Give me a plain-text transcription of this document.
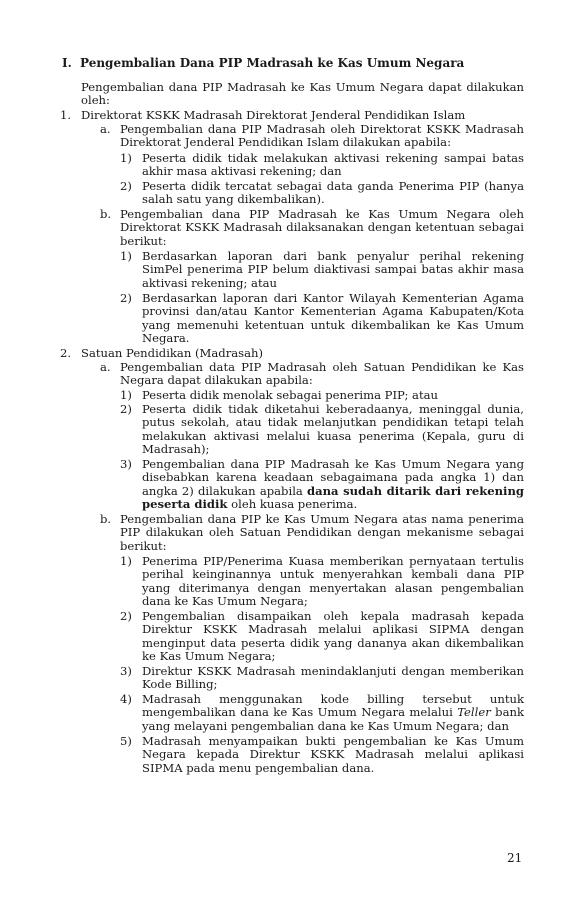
I. Pengembalian Dana PIP Madrasah ke Kas Umum Negara
Pengembalian dana PIP Madrasah ke Kas Umum Negara dapat dilakukan oleh:
1. Direktorat KSKK Madrasah Direktorat Jenderal Pendidikan Islam
a. Pengembalian dana PIP Madrasah oleh Direktorat KSKK Madrasah Direktorat Jenderal Pendidikan Islam dilakukan apabila:
1) Peserta didik tidak melakukan aktivasi rekening sampai batas akhir masa aktivasi rekening; dan
2) Peserta didik tercatat sebagai data ganda Penerima PIP (hanya salah satu yang dikembalikan).
b. Pengembalian dana PIP Madrasah ke Kas Umum Negara oleh Direktorat KSKK Madrasah dilaksanakan dengan ketentuan sebagai berikut:
1) Berdasarkan laporan dari bank penyalur perihal rekening SimPel penerima PIP belum diaktivasi sampai batas akhir masa aktivasi rekening; atau
2) Berdasarkan laporan dari Kantor Wilayah Kementerian Agama provinsi dan/atau Kantor Kementerian Agama Kabupaten/Kota yang memenuhi ketentuan untuk dikembalikan ke Kas Umum Negara.
2. Satuan Pendidikan (Madrasah)
a. Pengembalian data PIP Madrasah oleh Satuan Pendidikan ke Kas Negara dapat dilakukan apabila:
1) Peserta didik menolak sebagai penerima PIP; atau
2) Peserta didik tidak diketahui keberadaanya, meninggal dunia, putus sekolah, atau tidak melanjutkan pendidikan tetapi telah melakukan aktivasi melalui kuasa penerima (Kepala, guru di Madrasah);
3) Pengembalian dana PIP Madrasah ke Kas Umum Negara yang disebabkan karena keadaan sebagaimana pada angka 1) dan angka 2) dilakukan apabila dana sudah ditarik dari rekening peserta didik oleh kuasa penerima.
b. Pengembalian dana PIP ke Kas Umum Negara atas nama penerima PIP dilakukan oleh Satuan Pendidikan dengan mekanisme sebagai berikut:
1) Penerima PIP/Penerima Kuasa memberikan pernyataan tertulis perihal keinginannya untuk menyerahkan kembali dana PIP yang diterimanya dengan menyertakan alasan pengembalian dana ke Kas Umum Negara;
2) Pengembalian disampaikan oleh kepala madrasah kepada Direktur KSKK Madrasah melalui aplikasi SIPMA dengan menginput data peserta didik yang dananya akan dikembalikan ke Kas Umum Negara;
3) Direktur KSKK Madrasah menindaklanjuti dengan memberikan Kode Billing;
4) Madrasah menggunakan kode billing tersebut untuk mengembalikan dana ke Kas Umum Negara melalui Teller bank yang melayani pengembalian dana ke Kas Umum Negara; dan
5) Madrasah menyampaikan bukti pengembalian ke Kas Umum Negara kepada Direktur KSKK Madrasah melalui aplikasi SIPMA pada menu pengembalian dana.
21
